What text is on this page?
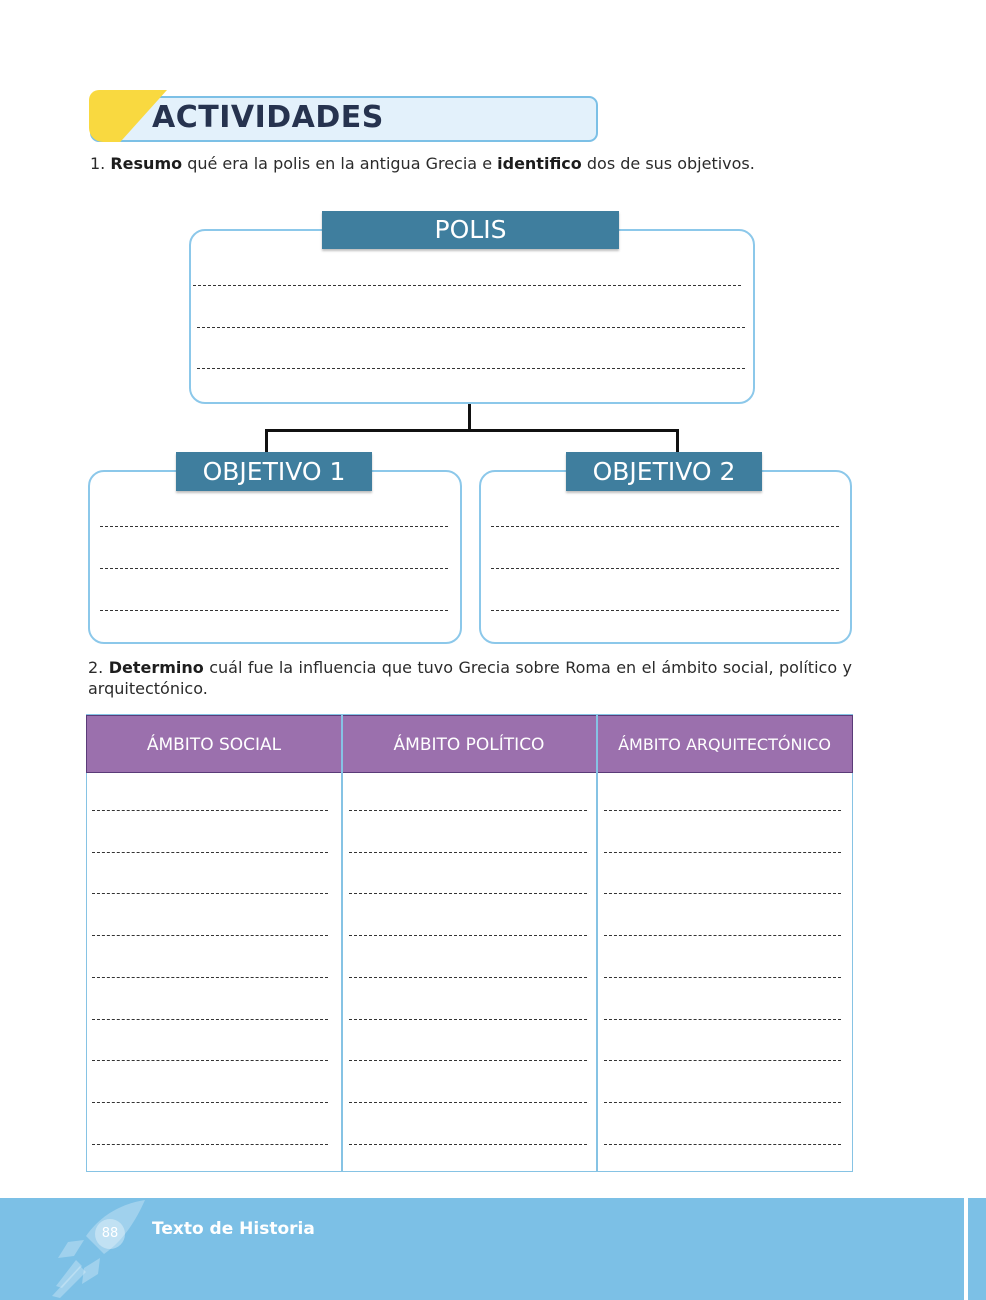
ACTIVIDADES
1. Resumo qué era la polis en la antigua Grecia e identifico dos de sus objetivos.
POLIS
OBJETIVO 1	OBJETIVO 2
2. Determino cuál fue la influencia que tuvo Grecia sobre Roma en el ámbito social, político y arquitectónico.
ÁMBITO SOCIAL	ÁMBITO POLÍTICO	ÁMBITO ARQUITECTÓNICO
88	Texto de Historia
